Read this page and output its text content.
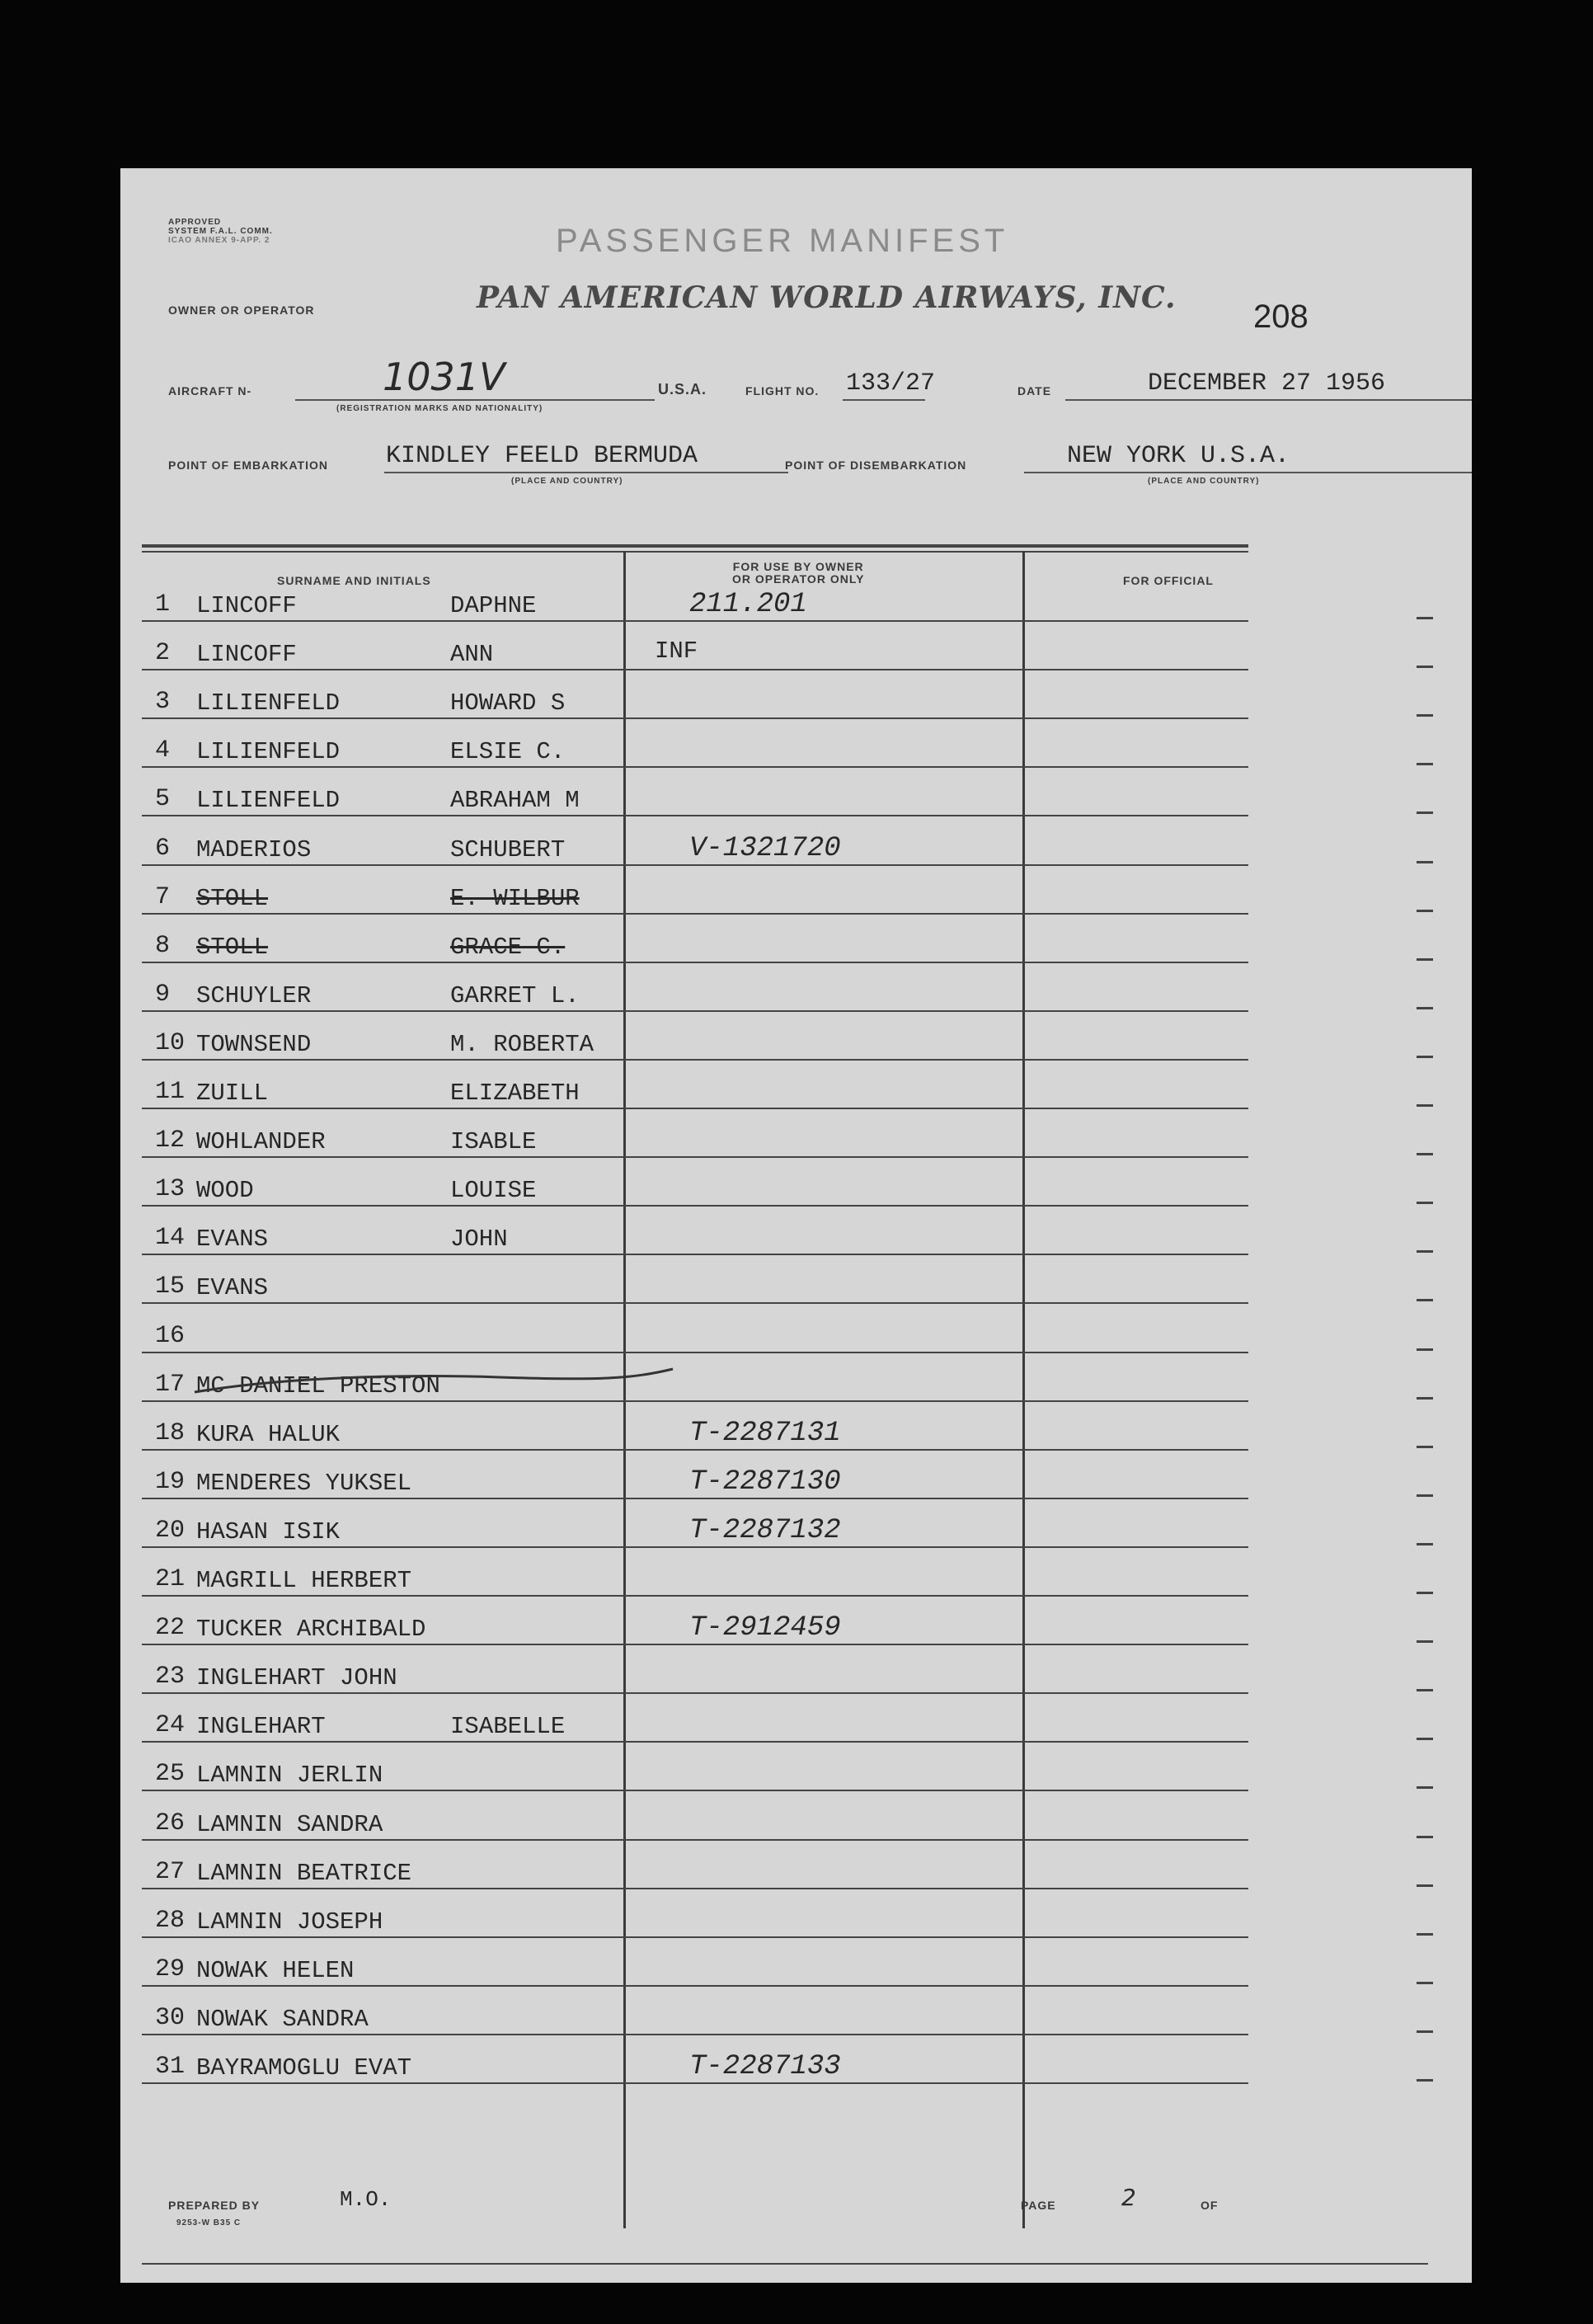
APPROVED
SYSTEM F.A.L. COMM.
ICAO ANNEX 9-APP. 2	PASSENGER MANIFEST
OWNER OR OPERATOR	PAN AMERICAN WORLD AIRWAYS, INC.
208
AIRCRAFT N-	1031V
(REGISTRATION MARKS AND NATIONALITY)
U.S.A.	FLIGHT NO. 133/27	DATE	DECEMBER 27 1956
POINT OF EMBARKATION KINDLEY FEELD BERMUDA
(PLACE AND COUNTRY)
POINT OF DISEMBARKATION	NEW YORK U.S.A.
(PLACE AND COUNTRY)
SURNAME AND INITIALS
FOR USE BY OWNER
OR OPERATOR ONLY	FOR OFFICIAL
1	LINCOFF	DAPHNE	211.201
2	LINCOFF	ANN	INF
3	LILIENFELD	HOWARD S
4	LILIENFELD	ELSIE C.
5	LILIENFELD	ABRAHAM M
6	MADERIOS	SCHUBERT	V-1321720
7	STOLL	E. WILBUR
8	STOLL	GRACE C.
9	SCHUYLER	GARRET L.
10 TOWNSEND	M. ROBERTA
11 ZUILL	ELIZABETH
12 WOHLANDER	ISABLE
13 WOOD	LOUISE
14 EVANS	JOHN
15 EVANS
16
17 MC DANIEL PRESTON
18 KURA HALUK	T-2287131
19 MENDERES YUKSEL	T-2287130
20 HASAN ISIK	T-2287132
21 MAGRILL HERBERT
22 TUCKER ARCHIBALD	T-2912459
23 INGLEHART JOHN
24 INGLEHART	ISABELLE
25 LAMNIN JERLIN
26 LAMNIN SANDRA
27 LAMNIN BEATRICE
28 LAMNIN JOSEPH
29 NOWAK HELEN
30 NOWAK SANDRA
31 BAYRAMOGLU EVAT	T-2287133
PREPARED BY	M.O.
9253-W B35 C
PAGE	2	OF
